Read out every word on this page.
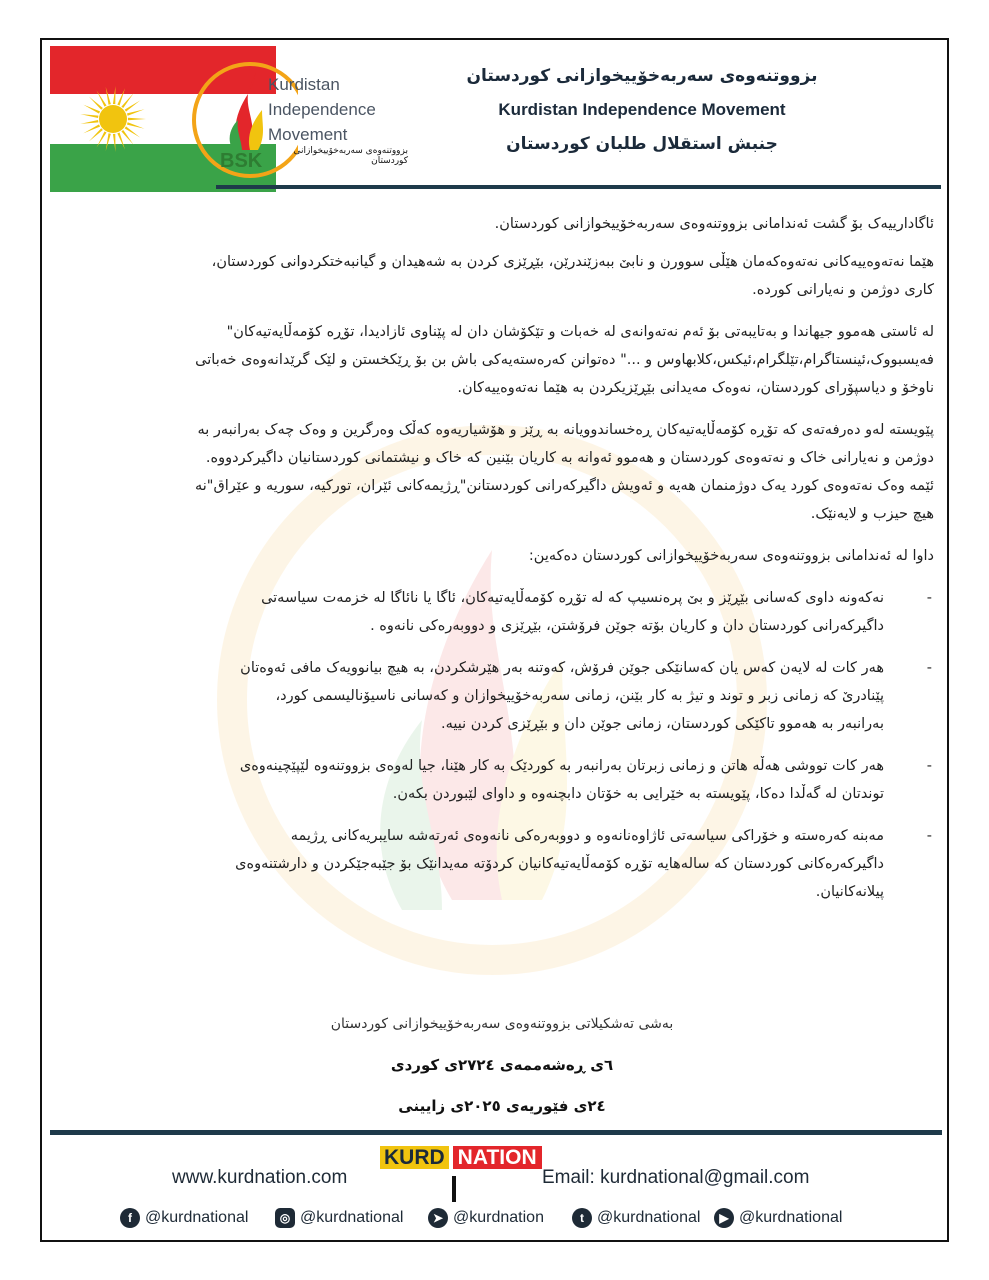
BSK
Kurdistan
Independence
Movement
بزووتنەوەی سەربەخۆییخوازانی کوردستان
بزووتنەوەی سەربەخۆییخوازانی کوردستان
Kurdistan Independence Movement
جنبش استقلال طلبان کوردستان

ئاگادارییەک بۆ گشت ئەندامانی بزووتنەوەی سەربەخۆییخوازانی کوردستان.

هێما نەتەوەییەکانی نەتەوەکەمان هێڵی سوورن و نابێ ببەزێندرێن، بێڕێزی کردن بە شەهیدان و گیانبەختکردوانی کوردستان، کاری دوژمن و نەیارانی کوردە.

لە ئاستی هەموو جیهاندا و بەتایبەتی بۆ ئەم نەتەوانەی لە خەبات و تێکۆشان دان لە پێناوی ئازادیدا، تۆڕە کۆمەڵایەتیەکان" فەیسبووک،ئینستاگرام،تێلگرام،ئیکس،کلابهاوس و ..." دەتوانن کەرەستەیەکی باش بن بۆ ڕێکخستن و لێک گرێدانەوەی خەباتی ناوخۆ و دیاسپۆرای کوردستان، نەوەک مەیدانی بێڕێزیکردن بە هێما نەتەوەییەکان.

پێویستە لەو دەرفەتەی کە تۆڕە کۆمەڵایەتیەکان ڕەخساندوویانە بە ڕێز و هۆشیاریەوە کەڵک وەرگرین و وەک چەک بەرانبەر بە دوژمن و نەیارانی خاک و نەتەوەی کوردستان و هەموو ئەوانە بە کاریان بێنین کە خاک و نیشتمانی کوردستانیان داگیرکردووە.

ئێمە وەک نەتەوەی کورد یەک دوژمنمان هەیە و ئەویش داگیرکەرانی کوردستانن"ڕژیمەکانی ئێران، تورکیە، سوریە و عێراق"نە هیچ حیزب و لایەنێک.

داوا لە ئەندامانی بزووتنەوەی سەربەخۆییخوازانی کوردستان دەکەین:

-
نەکەونە داوی کەسانی بێڕێز و بێ پرەنسیپ کە لە تۆڕە کۆمەڵایەتیەکان، ئاگا یا نائاگا لە خزمەت سیاسەتی داگیرکەرانی کوردستان دان و کاریان بۆتە جوێن فرۆشتن، بێڕێزی و دووبەرەکی نانەوە .
-
هەر کات لە لایەن کەس یان کەسانێکی جوێن فرۆش، کەوتنە بەر هێرشکردن، بە هیچ بیانوویەک مافی ئەوەتان پێنادرێ کە زمانی زبر و توند و تیژ بە کار بێنن، زمانی سەربەخۆییخوازان و کەسانی ناسیۆنالیسمی کورد، بەرانبەر بە هەموو تاکێکی کوردستان، زمانی جوێن دان و بێڕێزی کردن نییە.
-
هەر کات تووشی هەڵە هاتن و زمانی زبرتان بەرانبەر بە کوردێک بە کار هێنا، جیا لەوەی بزووتنەوە لێپێچینەوەی توندتان لە گەڵدا دەکا، پێویستە بە خێرایی بە خۆتان دابچنەوە و داوای لێبوردن بکەن.
-
مەبنە کەرەستە و خۆراکی سیاسەتی ئاژاوەنانەوە و دووبەرەکی نانەوەی ئەرتەشە سایبریەکانی ڕژیمە داگیرکەرەکانی کوردستان کە سالەهایە تۆڕە کۆمەڵایەتیەکانیان کردۆتە مەیدانێک بۆ جێبەجێکردن و دارشتنەوەی پیلانەکانیان.
بەشی تەشکیلاتی بزووتنەوەی سەربەخۆییخوازانی کوردستان
٦ی ڕەشەممەی ٢٧٢٤ی کوردی
٢٤ی فێوریەی ٢٠٢٥ی زایینی
KURD NATION
www.kurdnation.com	Email: kurdnational@gmail.com
f @kurdnational	◎ @kurdnational	➤ @kurdnation	t @kurdnational	▶ @kurdnational
